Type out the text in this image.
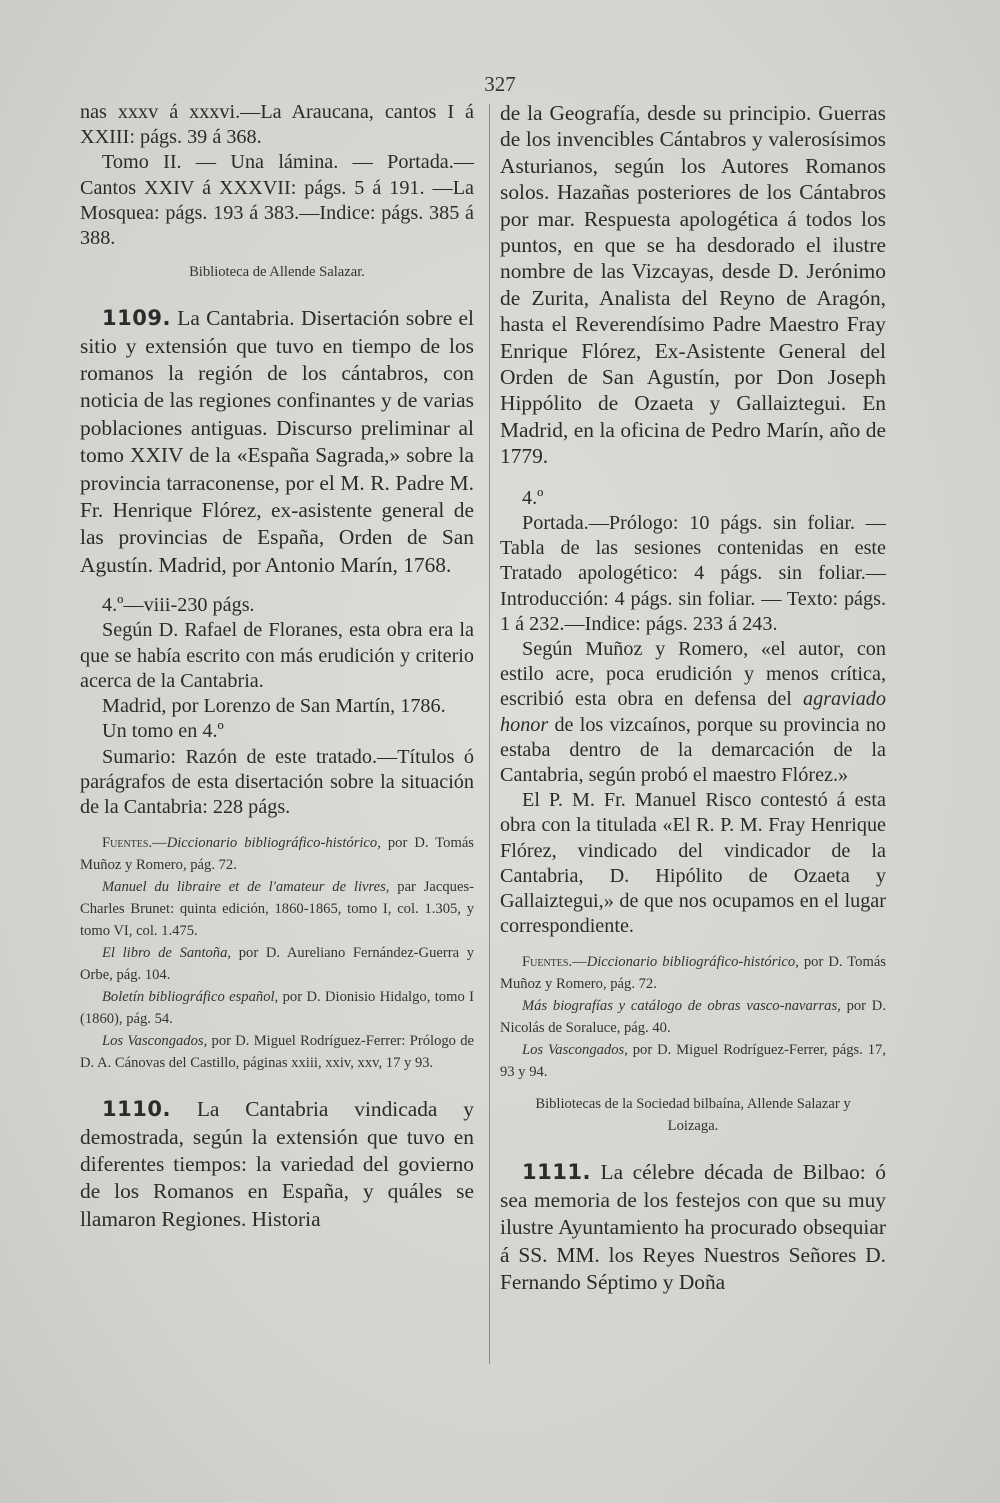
327

nas xxxv á xxxvi.—La Araucana, cantos I á XXIII: págs. 39 á 368.

Tomo II. — Una lámina. — Portada.— Cantos XXIV á XXXVII: págs. 5 á 191. —La Mosquea: págs. 193 á 383.—Indice: págs. 385 á 388.

Biblioteca de Allende Salazar.

1109. La Cantabria. Disertación sobre el sitio y extensión que tuvo en tiempo de los romanos la región de los cántabros, con noticia de las regiones confinantes y de varias poblaciones antiguas. Discurso preliminar al tomo XXIV de la «España Sagrada,» sobre la provincia tarraconense, por el M. R. Padre M. Fr. Henrique Flórez, ex-asistente general de las provincias de España, Orden de San Agustín. Madrid, por Antonio Marín, 1768.

4.º—viii-230 págs.

Según D. Rafael de Floranes, esta obra era la que se había escrito con más erudición y criterio acerca de la Cantabria.

Madrid, por Lorenzo de San Martín, 1786.

Un tomo en 4.º

Sumario: Razón de este tratado.—Títulos ó parágrafos de esta disertación sobre la situación de la Cantabria: 228 págs.

Fuentes.—Diccionario bibliográfico-histórico, por D. Tomás Muñoz y Romero, pág. 72.

Manuel du libraire et de l'amateur de livres, par Jacques-Charles Brunet: quinta edición, 1860-1865, tomo I, col. 1.305, y tomo VI, col. 1.475.

El libro de Santoña, por D. Aureliano Fernández-Guerra y Orbe, pág. 104.

Boletín bibliográfico español, por D. Dionisio Hidalgo, tomo I (1860), pág. 54.

Los Vascongados, por D. Miguel Rodríguez-Ferrer: Prólogo de D. A. Cánovas del Castillo, páginas xxiii, xxiv, xxv, 17 y 93.

1110. La Cantabria vindicada y demostrada, según la extensión que tuvo en diferentes tiempos: la variedad del govierno de los Romanos en España, y quáles se llamaron Regiones. Historia

de la Geografía, desde su principio. Guerras de los invencibles Cántabros y valerosísimos Asturianos, según los Autores Romanos solos. Hazañas posteriores de los Cántabros por mar. Respuesta apologética á todos los puntos, en que se ha desdorado el ilustre nombre de las Vizcayas, desde D. Jerónimo de Zurita, Analista del Reyno de Aragón, hasta el Reverendísimo Padre Maestro Fray Enrique Flórez, Ex-Asistente General del Orden de San Agustín, por Don Joseph Hippólito de Ozaeta y Gallaiztegui. En Madrid, en la oficina de Pedro Marín, año de 1779.

4.º

Portada.—Prólogo: 10 págs. sin foliar. —Tabla de las sesiones contenidas en este Tratado apologético: 4 págs. sin foliar.— Introducción: 4 págs. sin foliar. — Texto: págs. 1 á 232.—Indice: págs. 233 á 243.

Según Muñoz y Romero, «el autor, con estilo acre, poca erudición y menos crítica, escribió esta obra en defensa del agraviado honor de los vizcaínos, porque su provincia no estaba dentro de la demarcación de la Cantabria, según probó el maestro Flórez.»

El P. M. Fr. Manuel Risco contestó á esta obra con la titulada «El R. P. M. Fray Henrique Flórez, vindicado del vindicador de la Cantabria, D. Hipólito de Ozaeta y Gallaiztegui,» de que nos ocupamos en el lugar correspondiente.

Fuentes.—Diccionario bibliográfico-histórico, por D. Tomás Muñoz y Romero, pág. 72.

Más biografías y catálogo de obras vasco-navarras, por D. Nicolás de Soraluce, pág. 40.

Los Vascongados, por D. Miguel Rodríguez-Ferrer, págs. 17, 93 y 94.

Bibliotecas de la Sociedad bilbaína, Allende Salazar y Loizaga.

1111. La célebre década de Bilbao: ó sea memoria de los festejos con que su muy ilustre Ayuntamiento ha procurado obsequiar á SS. MM. los Reyes Nuestros Señores D. Fernando Séptimo y Doña
